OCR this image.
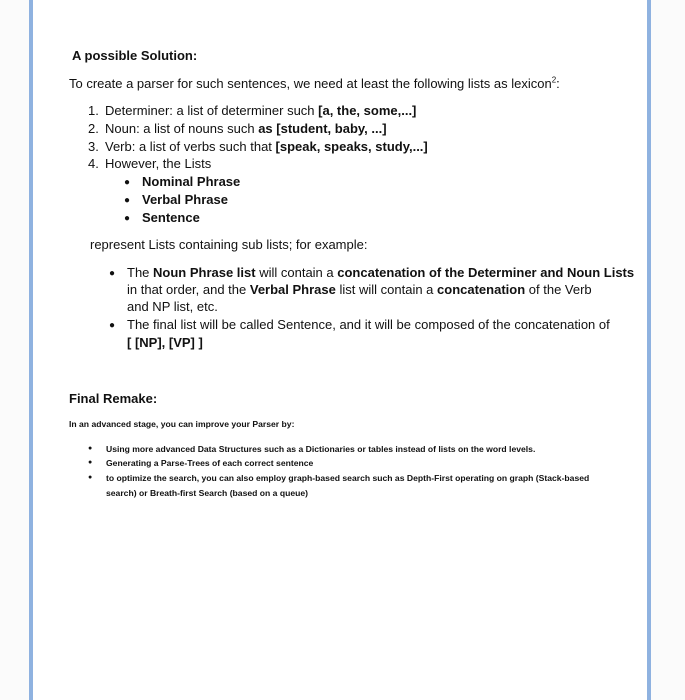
A possible Solution:
To create a parser for such sentences, we need at least the following lists as lexicon$^2$:
1. Determiner: a list of determiner such [a, the, some,...]
2. Noun: a list of nouns such as [student, baby, ...]
3. Verb: a list of verbs such that [speak, speaks, study,...]
4. However, the Lists
● Nominal Phrase
● Verbal Phrase
● Sentence
represent Lists containing sub lists; for example:
● The Noun Phrase list will contain a concatenation of the Determiner and Noun Lists
in that order, and the Verbal Phrase list will contain a concatenation of the Verb
and NP list, etc.
● The final list will be called Sentence, and it will be composed of the concatenation of
[ [NP], [VP] ]
Final Remake:
In an advanced stage, you can improve your Parser by:
● Using more advanced Data Structures such as a Dictionaries or tables instead of lists on the word levels.
● Generating a Parse-Trees of each correct sentence
● to optimize the search, you can also employ graph-based search such as Depth-First operating on graph (Stack-based
search) or Breath-first Search (based on a queue)
